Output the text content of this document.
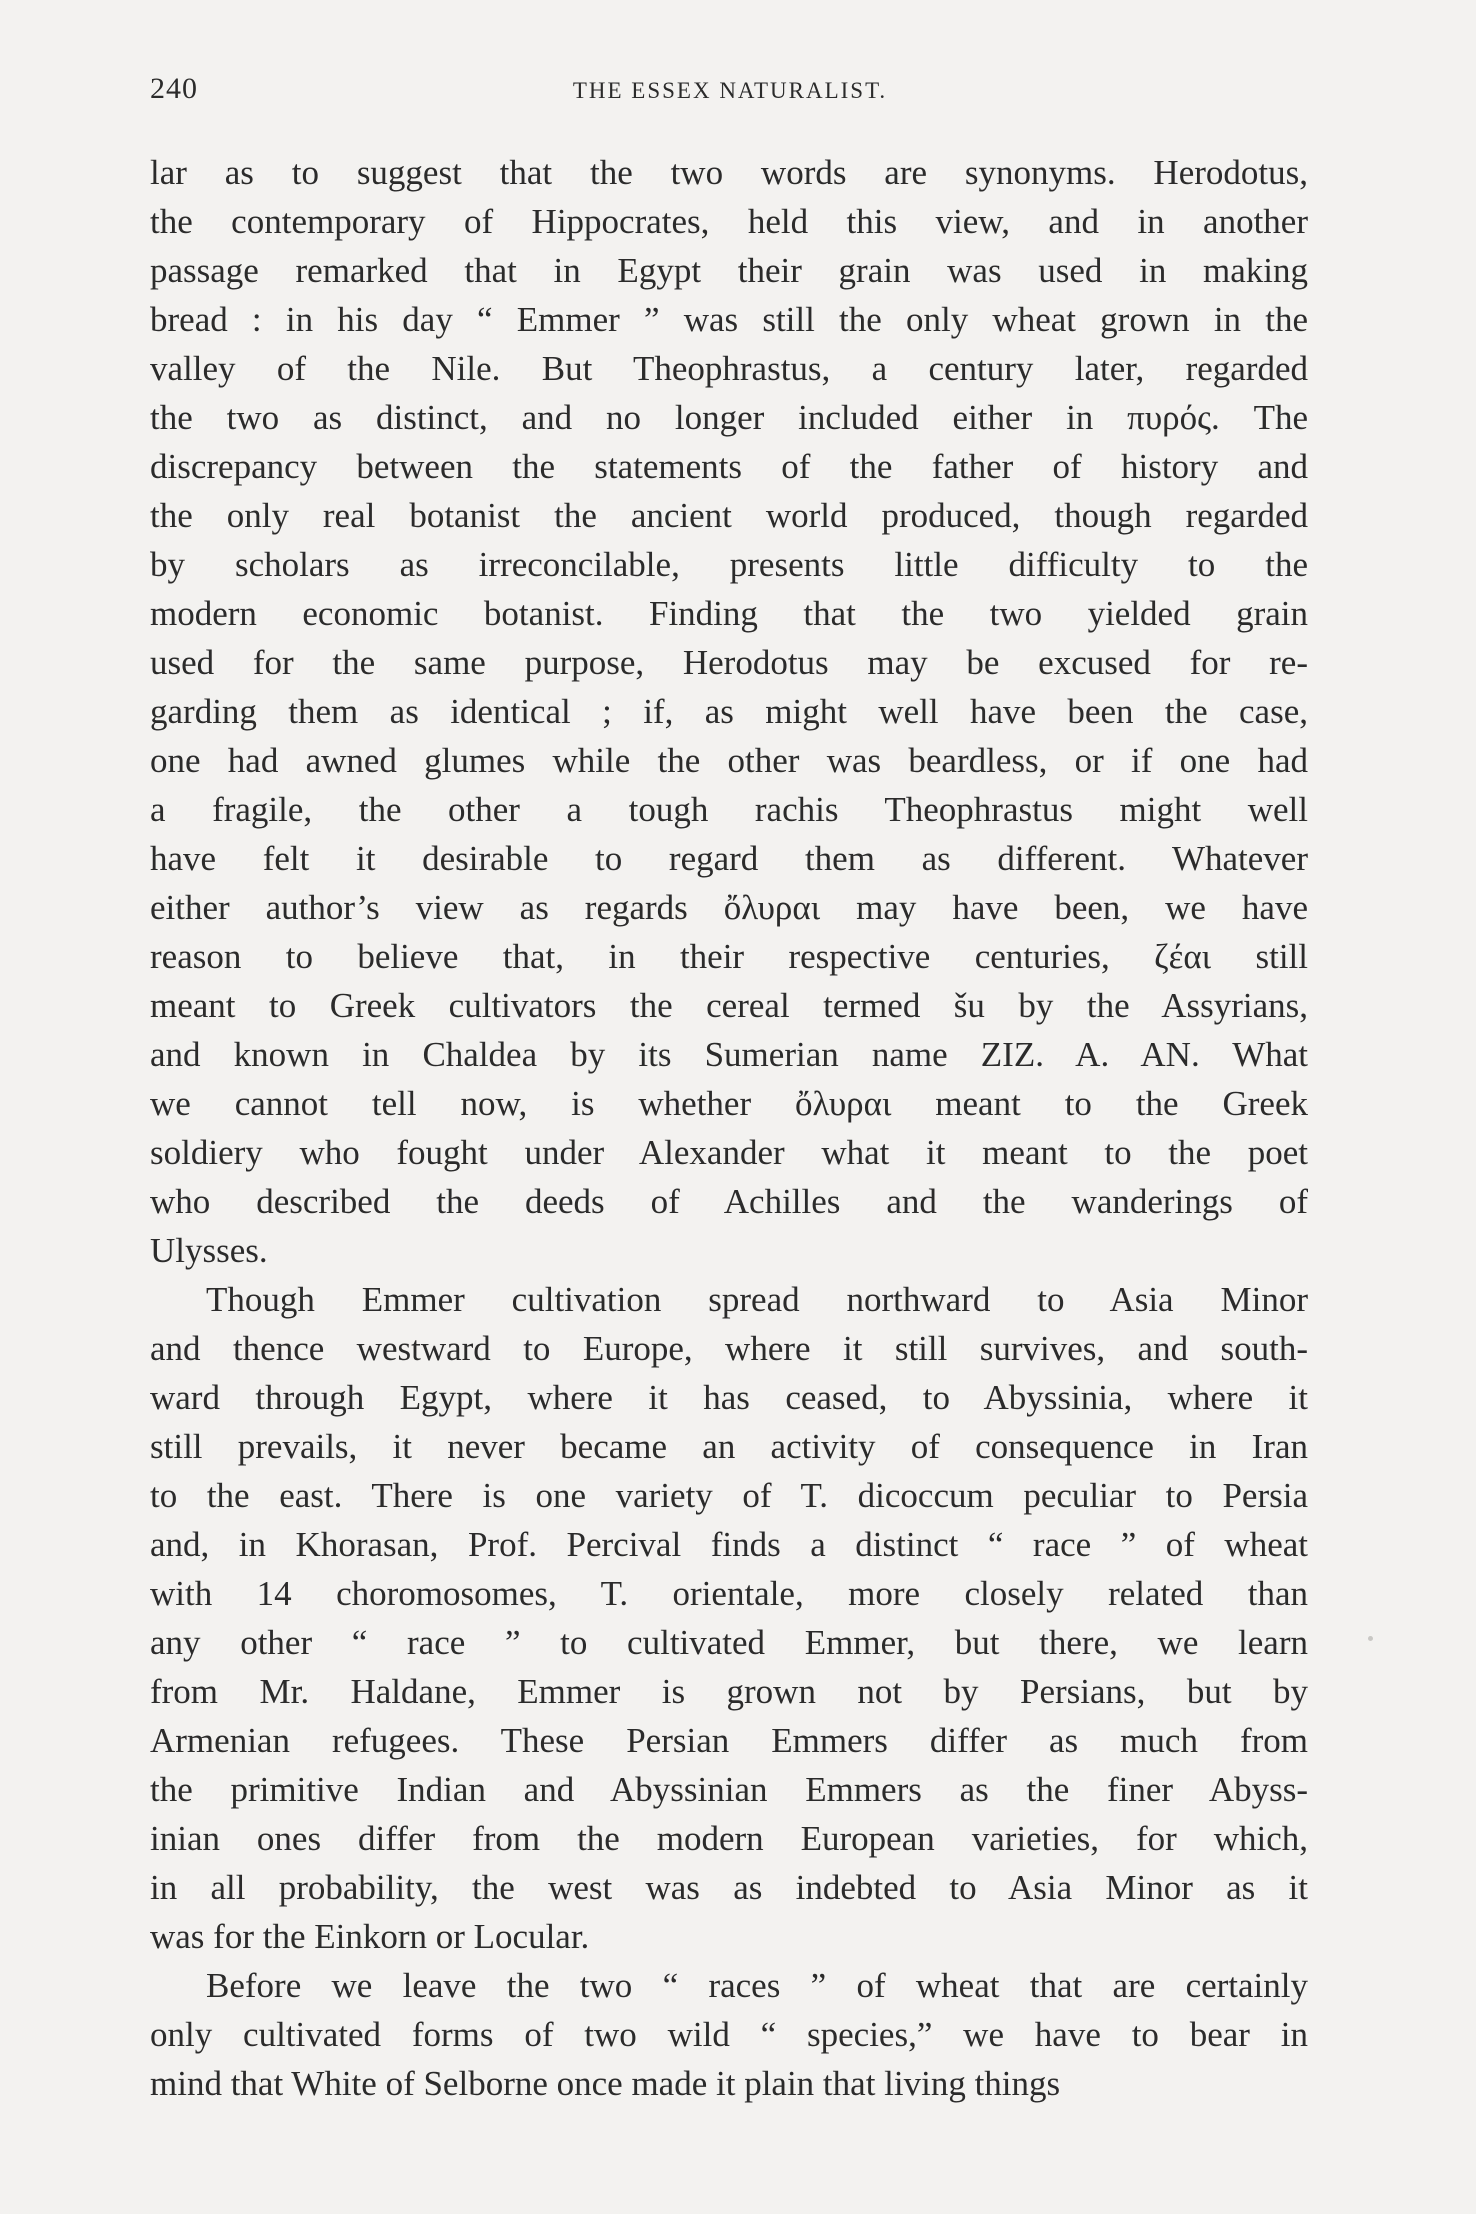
240	THE ESSEX NATURALIST.
lar as to suggest that the two words are synonyms. Herodotus,
the contemporary of Hippocrates, held this view, and in another
passage remarked that in Egypt their grain was used in making
bread : in his day “ Emmer ” was still the only wheat grown in the
valley of the Nile. But Theophrastus, a century later, regarded
the two as distinct, and no longer included either in πυρός. The
discrepancy between the statements of the father of history and
the only real botanist the ancient world produced, though regarded
by scholars as irreconcilable, presents little difficulty to the
modern economic botanist. Finding that the two yielded grain
used for the same purpose, Herodotus may be excused for re-
garding them as identical ; if, as might well have been the case,
one had awned glumes while the other was beardless, or if one had
a fragile, the other a tough rachis Theophrastus might well
have felt it desirable to regard them as different. Whatever
either author’s view as regards ὄλυραι may have been, we have
reason to believe that, in their respective centuries, ζέαι still
meant to Greek cultivators the cereal termed šu by the Assyrians,
and known in Chaldea by its Sumerian name ZIZ. A. AN. What
we cannot tell now, is whether ὄλυραι meant to the Greek
soldiery who fought under Alexander what it meant to the poet
who described the deeds of Achilles and the wanderings of
Ulysses.
Though Emmer cultivation spread northward to Asia Minor
and thence westward to Europe, where it still survives, and south-
ward through Egypt, where it has ceased, to Abyssinia, where it
still prevails, it never became an activity of consequence in Iran
to the east. There is one variety of T. dicoccum peculiar to Persia
and, in Khorasan, Prof. Percival finds a distinct “ race ” of wheat
with 14 choromosomes, T. orientale, more closely related than
any other “ race ” to cultivated Emmer, but there, we learn
from Mr. Haldane, Emmer is grown not by Persians, but by
Armenian refugees. These Persian Emmers differ as much from
the primitive Indian and Abyssinian Emmers as the finer Abyss-
inian ones differ from the modern European varieties, for which,
in all probability, the west was as indebted to Asia Minor as it
was for the Einkorn or Locular.
Before we leave the two “ races ” of wheat that are certainly
only cultivated forms of two wild “ species,” we have to bear in
mind that White of Selborne once made it plain that living things
